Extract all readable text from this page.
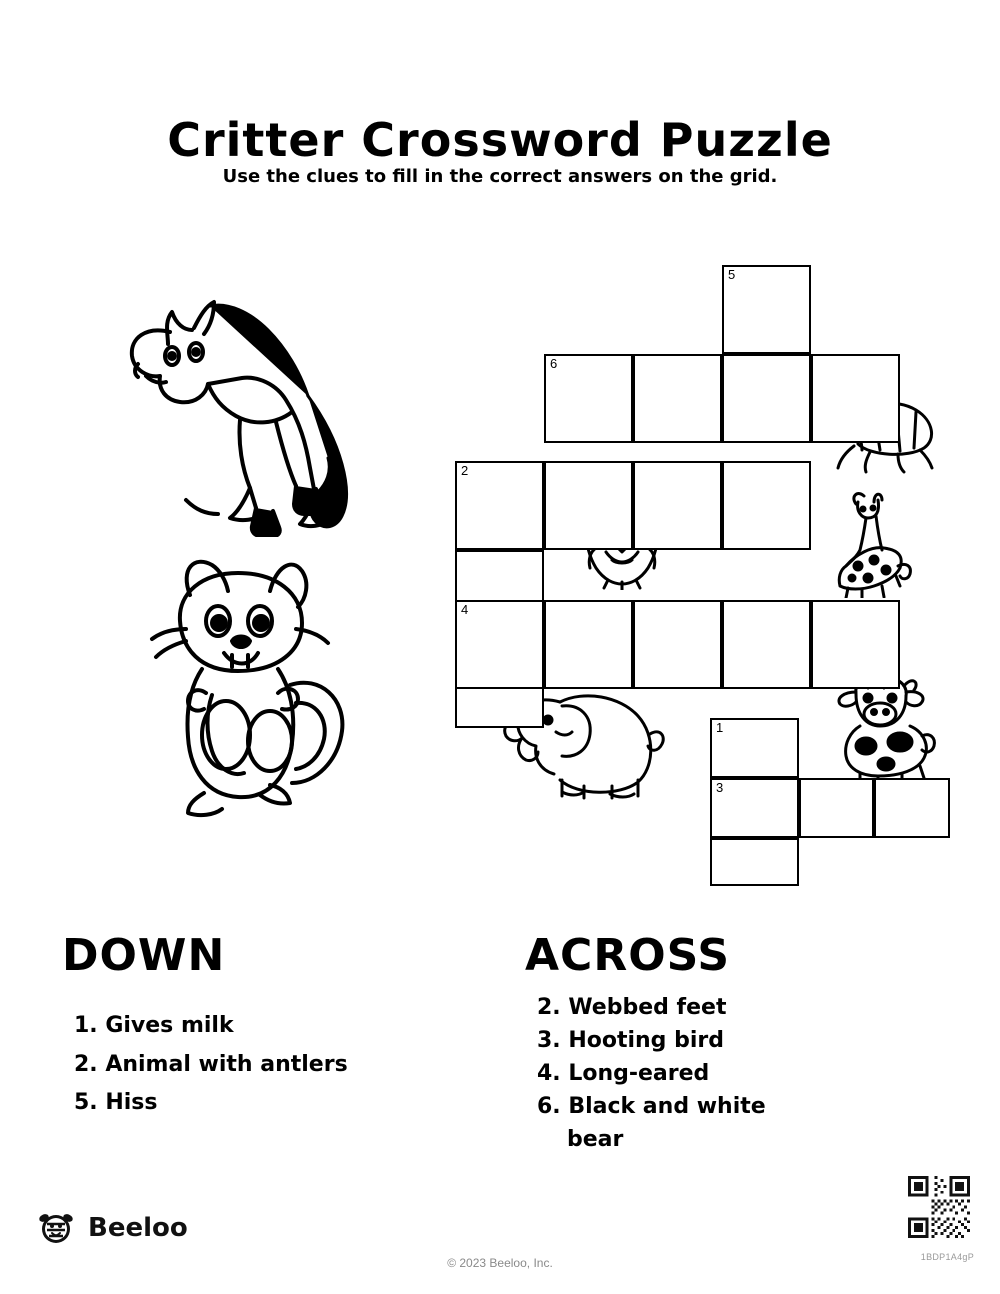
Critter Crossword Puzzle

Use the clues to fill in the correct answers on the grid.

5
6
2
4
1
3
DOWN
1. Gives milk
2. Animal with antlers
5. Hiss
ACROSS
2. Webbed feet
3. Hooting bird
4. Long-eared
6. Black and white
bear
Beeloo
© 2023 Beeloo, Inc.	1BDP1A4gP
